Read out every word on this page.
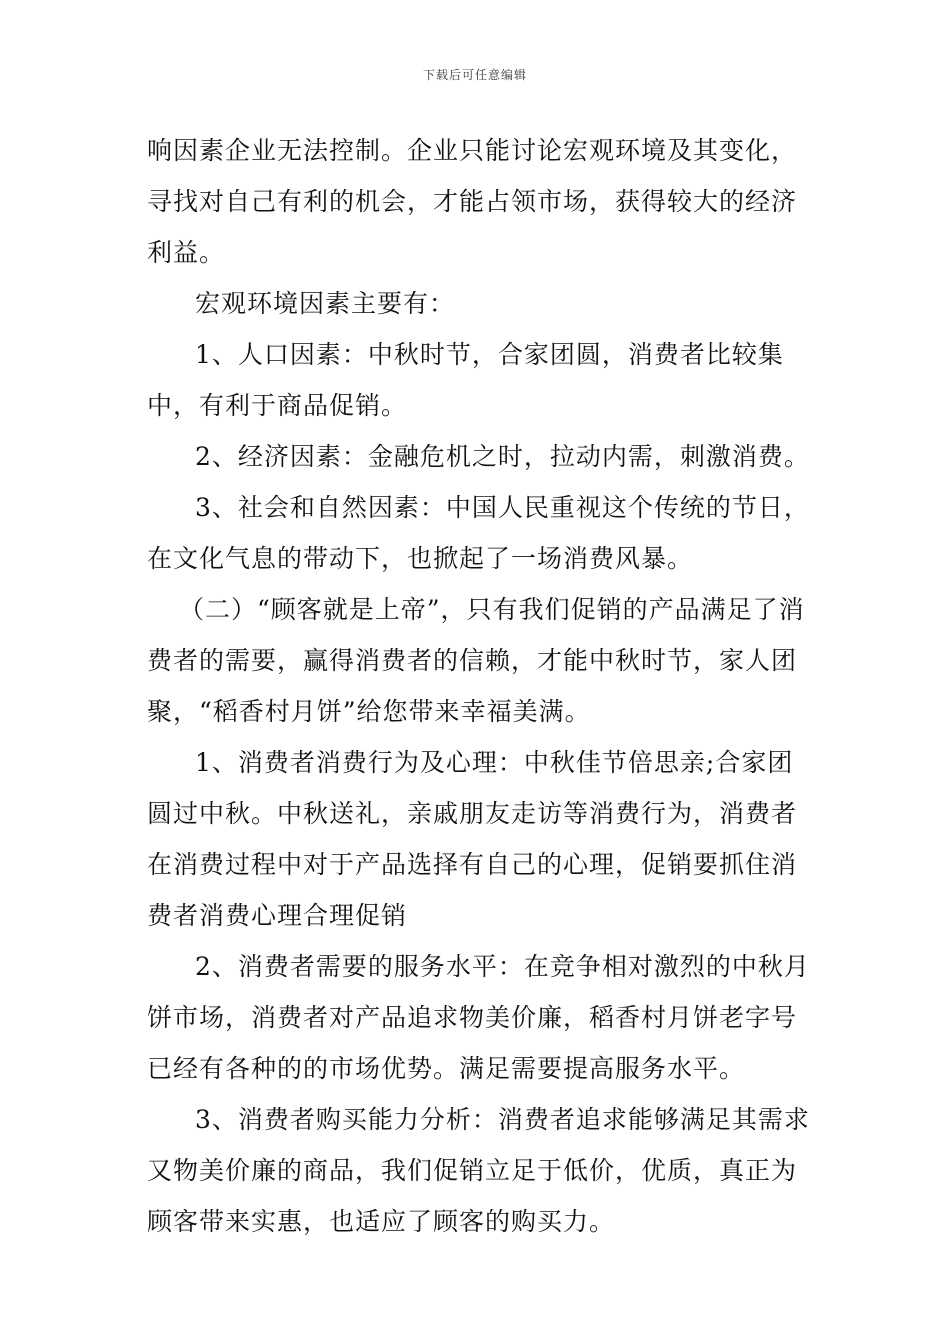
下载后可任意编辑

响因素企业无法控制。企业只能讨论宏观环境及其变化，寻找对自己有利的机会，才能占领市场，获得较大的经济利益。

宏观环境因素主要有：

1、人口因素：中秋时节，合家团圆，消费者比较集中，有利于商品促销。

2、经济因素：金融危机之时，拉动内需，刺激消费。

3、社会和自然因素：中国人民重视这个传统的节日，在文化气息的带动下，也掀起了一场消费风暴。

（二）“顾客就是上帝”，只有我们促销的产品满足了消费者的需要，赢得消费者的信赖，才能中秋时节，家人团聚，“稻香村月饼”给您带来幸福美满。

1、消费者消费行为及心理：中秋佳节倍思亲;合家团圆过中秋。中秋送礼，亲戚朋友走访等消费行为，消费者在消费过程中对于产品选择有自己的心理，促销要抓住消费者消费心理合理促销

2、消费者需要的服务水平：在竞争相对激烈的中秋月饼市场，消费者对产品追求物美价廉，稻香村月饼老字号已经有各种的的市场优势。满足需要提高服务水平。

3、消费者购买能力分析：消费者追求能够满足其需求又物美价廉的商品，我们促销立足于低价，优质，真正为顾客带来实惠，也适应了顾客的购买力。
